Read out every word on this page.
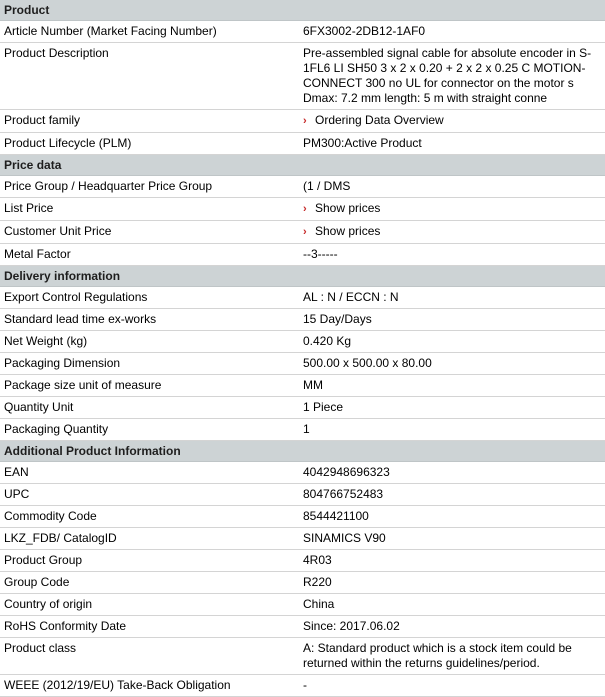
Product	
Article Number (Market Facing Number)	6FX3002-2DB12-1AF0
Product Description	Pre-assembled signal cable for absolute encoder in S-1FL6 LI SH50 3 x 2 x 0.20 + 2 x 2 x 0.25 C MOTION-CONNECT 300 no UL for connector on the motor s Dmax: 7.2 mm length: 5 m with straight conne
Product family	› Ordering Data Overview
Product Lifecycle (PLM)	PM300:Active Product
Price data	
Price Group / Headquarter Price Group	(1 / DMS
List Price	› Show prices
Customer Unit Price	› Show prices
Metal Factor	--3-----
Delivery information	
Export Control Regulations	AL : N / ECCN : N
Standard lead time ex-works	15 Day/Days
Net Weight (kg)	0.420 Kg
Packaging Dimension	500.00 x 500.00 x 80.00
Package size unit of measure	MM
Quantity Unit	1 Piece
Packaging Quantity	1
Additional Product Information	
EAN	4042948696323
UPC	804766752483
Commodity Code	8544421100
LKZ_FDB/ CatalogID	SINAMICS V90
Product Group	4R03
Group Code	R220
Country of origin	China
RoHS Conformity Date	Since: 2017.06.02
Product class	A: Standard product which is a stock item could be returned within the returns guidelines/period.
WEEE (2012/19/EU) Take-Back Obligation	-
